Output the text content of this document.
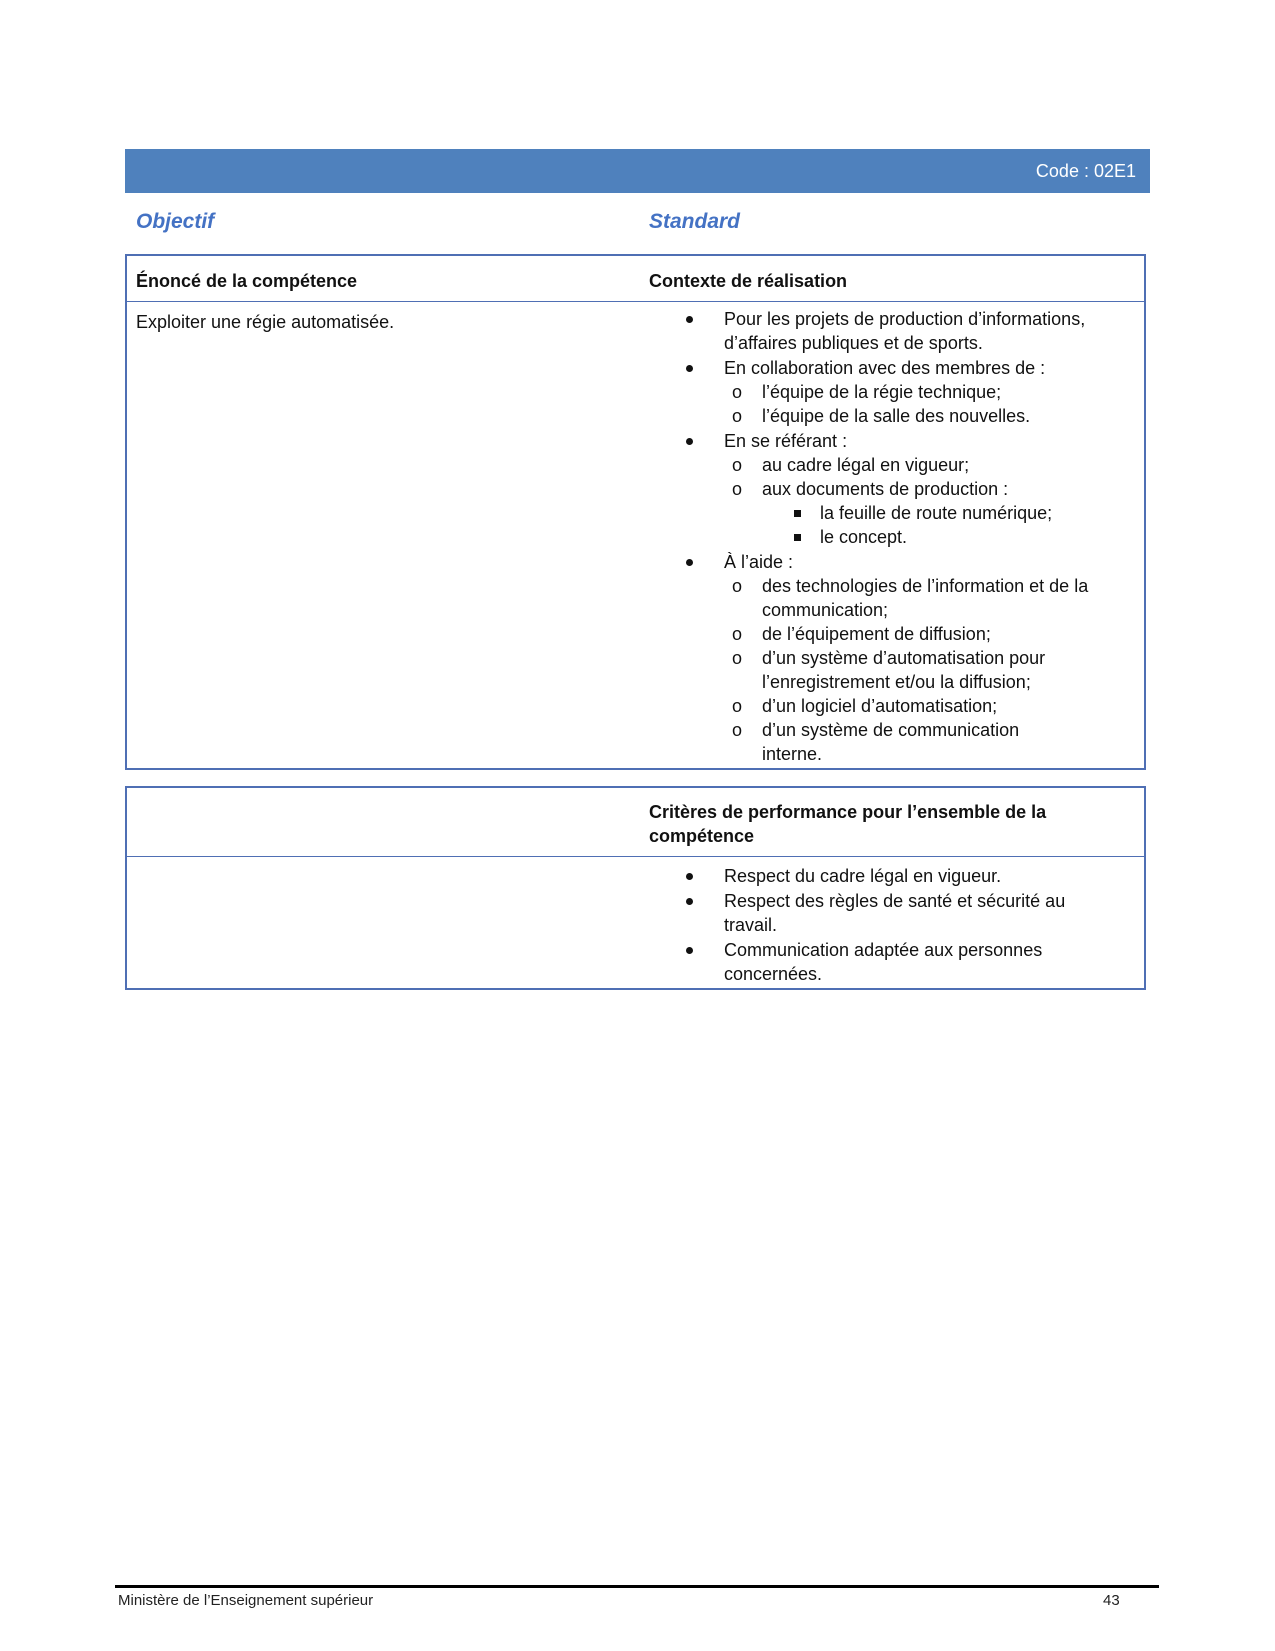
Code : 02E1
Objectif	Standard
Énoncé de la compétence	Contexte de réalisation
Exploiter une régie automatisée.	Pour les projets de production d’informations,
d’affaires publiques et de sports.
En collaboration avec des membres de :
o l’équipe de la régie technique;
o l’équipe de la salle des nouvelles.
En se référant :
o au cadre légal en vigueur;
o aux documents de production :
la feuille de route numérique;
le concept.
À l’aide :
o des technologies de l’information et de la
communication;
o de l’équipement de diffusion;
o d’un système d’automatisation pour
l’enregistrement et/ou la diffusion;
o d’un logiciel d’automatisation;
o d’un système de communication
interne.
Critères de performance pour l’ensemble de la
compétence
Respect du cadre légal en vigueur.
Respect des règles de santé et sécurité au
travail.
Communication adaptée aux personnes
concernées.
Ministère de l’Enseignement supérieur	43
